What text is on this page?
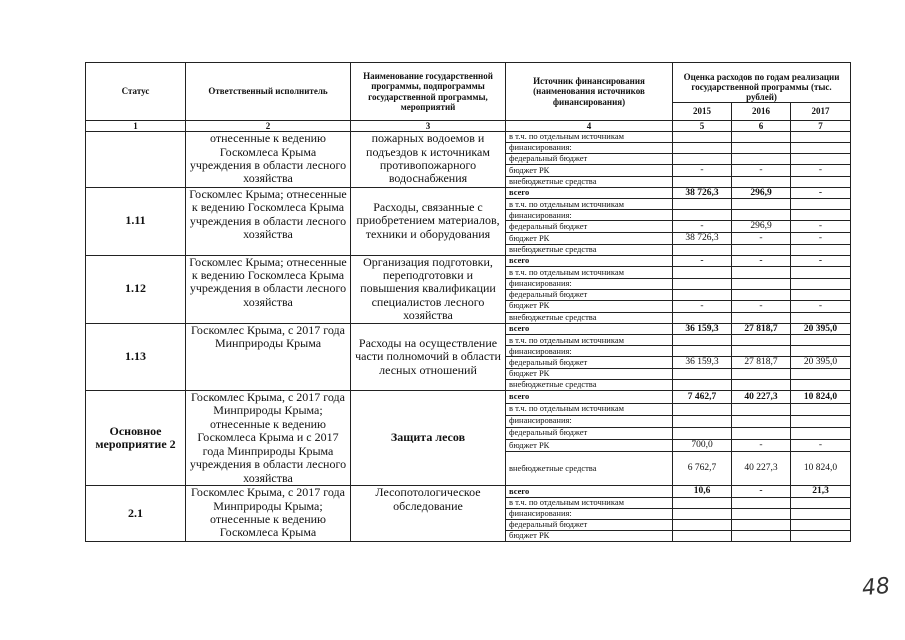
Статус	Ответственный исполнитель	Наименование государственной программы, подпрограммы государственной программы, мероприятий	Источник финансирования (наименования источников финансирования)	Оценка расходов по годам реализации государственной программы (тыс. рублей)		
				2015	2016	2017
1	2	3	4	5	6	7
	отнесенные к ведению Госкомлеса Крыма учреждения в области лесного хозяйства	пожарных водоемов и подъездов к источникам противопожарного водоснабжения	в т.ч. по отдельным источникам			
			финансирования:			
			федеральный бюджет			
			бюджет РК	-	-	-
			внебюджетные средства			
1.11	Госкомлес Крыма; отнесенные к ведению Госкомлеса Крыма учреждения в области лесного хозяйства	Расходы, связанные с приобретением материалов, техники и оборудования	всего	38 726,3	296,9	-
			в т.ч. по отдельным источникам			
			финансирования:			
			федеральный бюджет	-	296,9	-
			бюджет РК	38 726,3	-	-
			внебюджетные средства			
1.12	Госкомлес Крыма; отнесенные к ведению Госкомлеса Крыма учреждения в области лесного хозяйства	Организация подготовки, переподготовки и повышения квалификации специалистов лесного хозяйства	всего	-	-	-
			в т.ч. по отдельным источникам			
			финансирования:			
			федеральный бюджет			
			бюджет РК	-	-	-
			внебюджетные средства			
1.13	Госкомлес Крыма, с 2017 года Минприроды Крыма	Расходы на осуществление части полномочий в области лесных отношений	всего	36 159,3	27 818,7	20 395,0
			в т.ч. по отдельным источникам			
			финансирования:			
			федеральный бюджет	36 159,3	27 818,7	20 395,0
			бюджет РК			
			внебюджетные средства			
Основное мероприятие 2	Госкомлес Крыма, с 2017 года Минприроды Крыма; отнесенные к ведению Госкомлеса Крыма и с 2017 года Минприроды Крыма учреждения в области лесного хозяйства	Защита лесов	всего	7 462,7	40 227,3	10 824,0
			в т.ч. по отдельным источникам			
			финансирования:			
			федеральный бюджет			
			бюджет РК	700,0	-	-
			внебюджетные средства	6 762,7	40 227,3	10 824,0
2.1	Госкомлес Крыма, с 2017 года Минприроды Крыма; отнесенные к ведению Госкомлеса Крыма	Лесопотологическое обследование	всего	10,6	-	21,3
			в т.ч. по отдельным источникам			
			финансирования:			
			федеральный бюджет			
			бюджет РК			
48
